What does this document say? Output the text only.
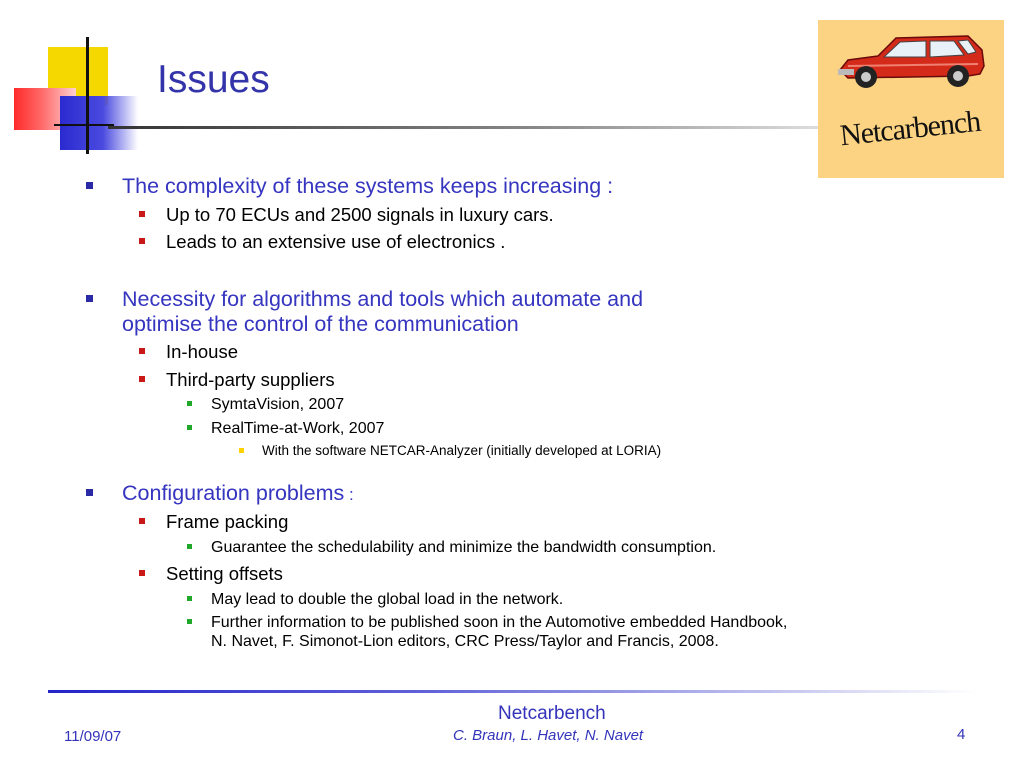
Issues
Netcarbench
The complexity of these systems keeps increasing :
Up to 70 ECUs and 2500 signals in luxury cars.
Leads to an extensive use of electronics .
Necessity for algorithms and tools which automate and
optimise the control of the communication
In-house
Third-party suppliers
SymtaVision, 2007
RealTime-at-Work, 2007
With the software NETCAR-Analyzer (initially developed at LORIA)
Configuration problems :
Frame packing
Guarantee the schedulability and minimize the bandwidth consumption.
Setting offsets
May lead to double the global load in the network.
Further information to be published soon in the Automotive embedded Handbook,
N. Navet, F. Simonot-Lion editors, CRC Press/Taylor and Francis, 2008.
11/09/07
Netcarbench
C. Braun, L. Havet, N. Navet	4
